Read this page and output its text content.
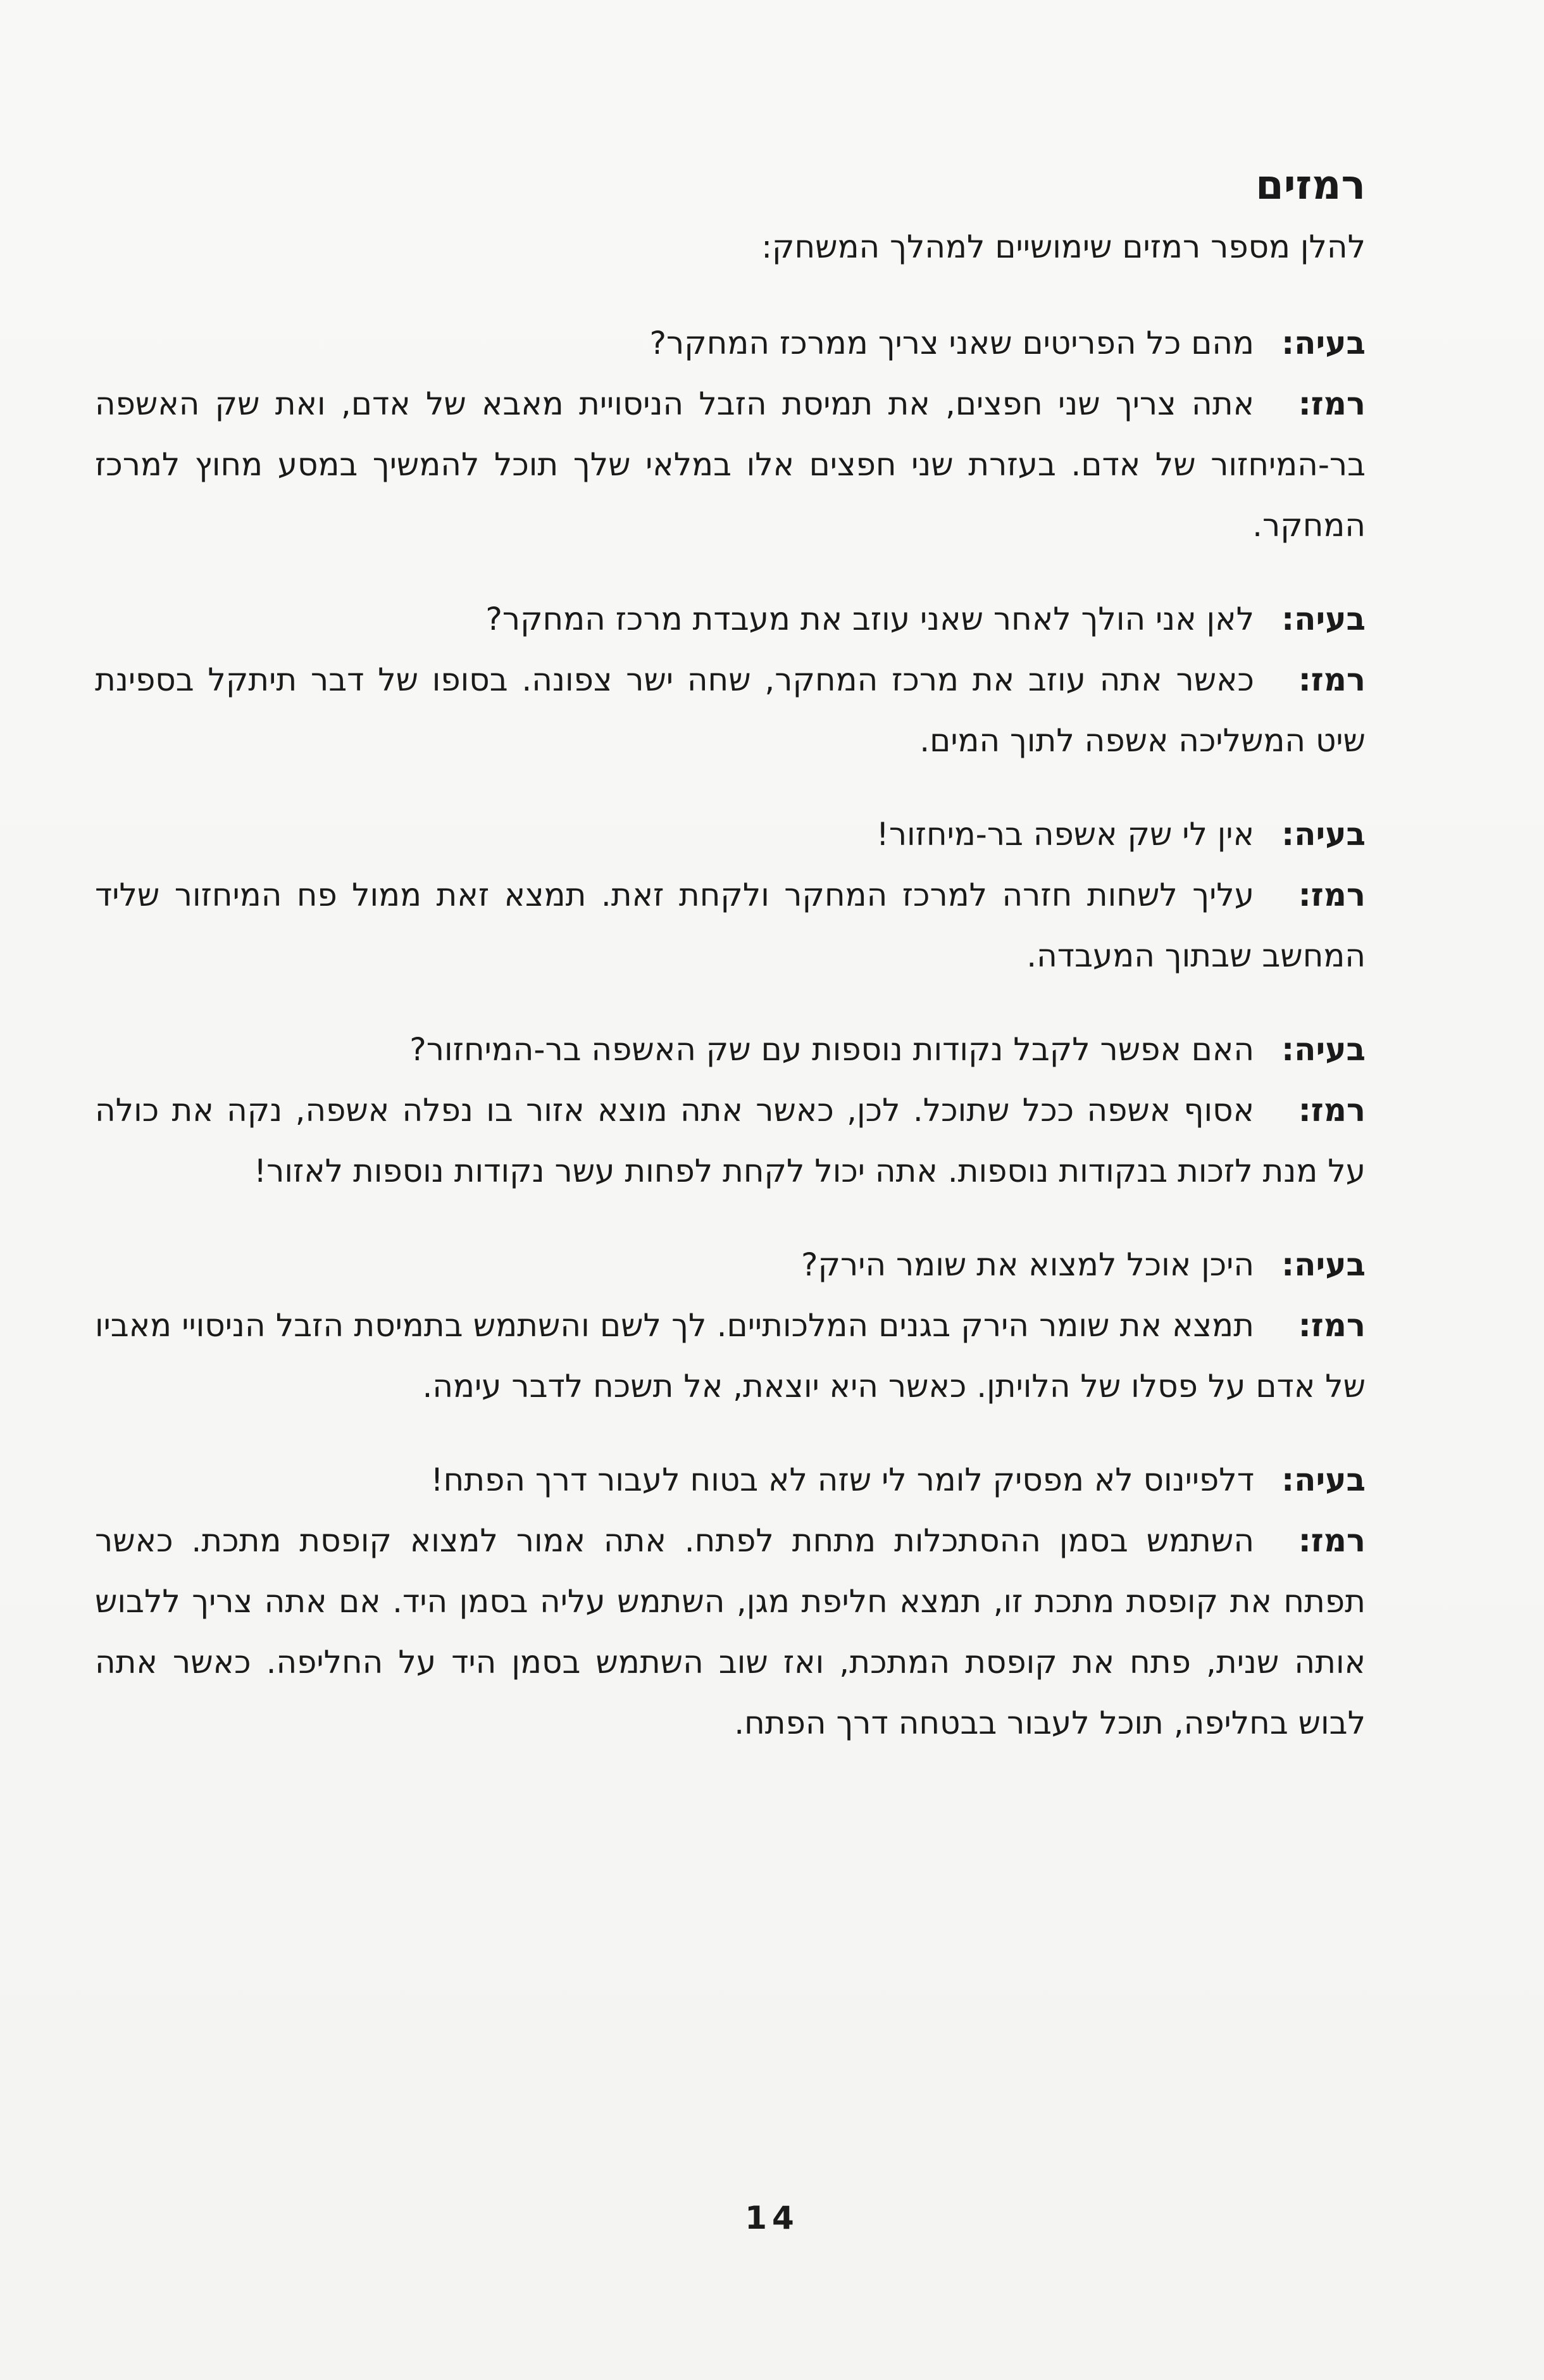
רמזים
להלן מספר רמזים שימושיים למהלך המשחק:
בעיה:
מהם כל הפריטים שאני צריך ממרכז המחקר?
רמז:אתה צריך שני חפצים, את תמיסת הזבל הניסויית מאבא של אדם, ואת שק האשפה בר-המיחזור של אדם. בעזרת שני חפצים אלו במלאי שלך תוכל להמשיך במסע מחוץ למרכז המחקר.
בעיה:
לאן אני הולך לאחר שאני עוזב את מעבדת מרכז המחקר?
רמז:כאשר אתה עוזב את מרכז המחקר, שחה ישר צפונה. בסופו של דבר תיתקל בספינת שיט המשליכה אשפה לתוך המים.
בעיה:
אין לי שק אשפה בר-מיחזור!
רמז:עליך לשחות חזרה למרכז המחקר ולקחת זאת. תמצא זאת ממול פח המיחזור שליד המחשב שבתוך המעבדה.
בעיה:
האם אפשר לקבל נקודות נוספות עם שק האשפה בר-המיחזור?
רמז:אסוף אשפה ככל שתוכל. לכן, כאשר אתה מוצא אזור בו נפלה אשפה, נקה את כולה על מנת לזכות בנקודות נוספות. אתה יכול לקחת לפחות עשר נקודות נוספות לאזור!
בעיה:
היכן אוכל למצוא את שומר הירק?
רמז:תמצא את שומר הירק בגנים המלכותיים. לך לשם והשתמש בתמיסת הזבל הניסויי מאביו של אדם על פסלו של הלויתן. כאשר היא יוצאת, אל תשכח לדבר עימה.
בעיה:
דלפיינוס לא מפסיק לומר לי שזה לא בטוח לעבור דרך הפתח!
רמז:השתמש בסמן ההסתכלות מתחת לפתח. אתה אמור למצוא קופסת מתכת. כאשר תפתח את קופסת מתכת זו, תמצא חליפת מגן, השתמש עליה בסמן היד. אם אתה צריך ללבוש אותה שנית, פתח את קופסת המתכת, ואז שוב השתמש בסמן היד על החליפה. כאשר אתה לבוש בחליפה, תוכל לעבור בבטחה דרך הפתח.
14
